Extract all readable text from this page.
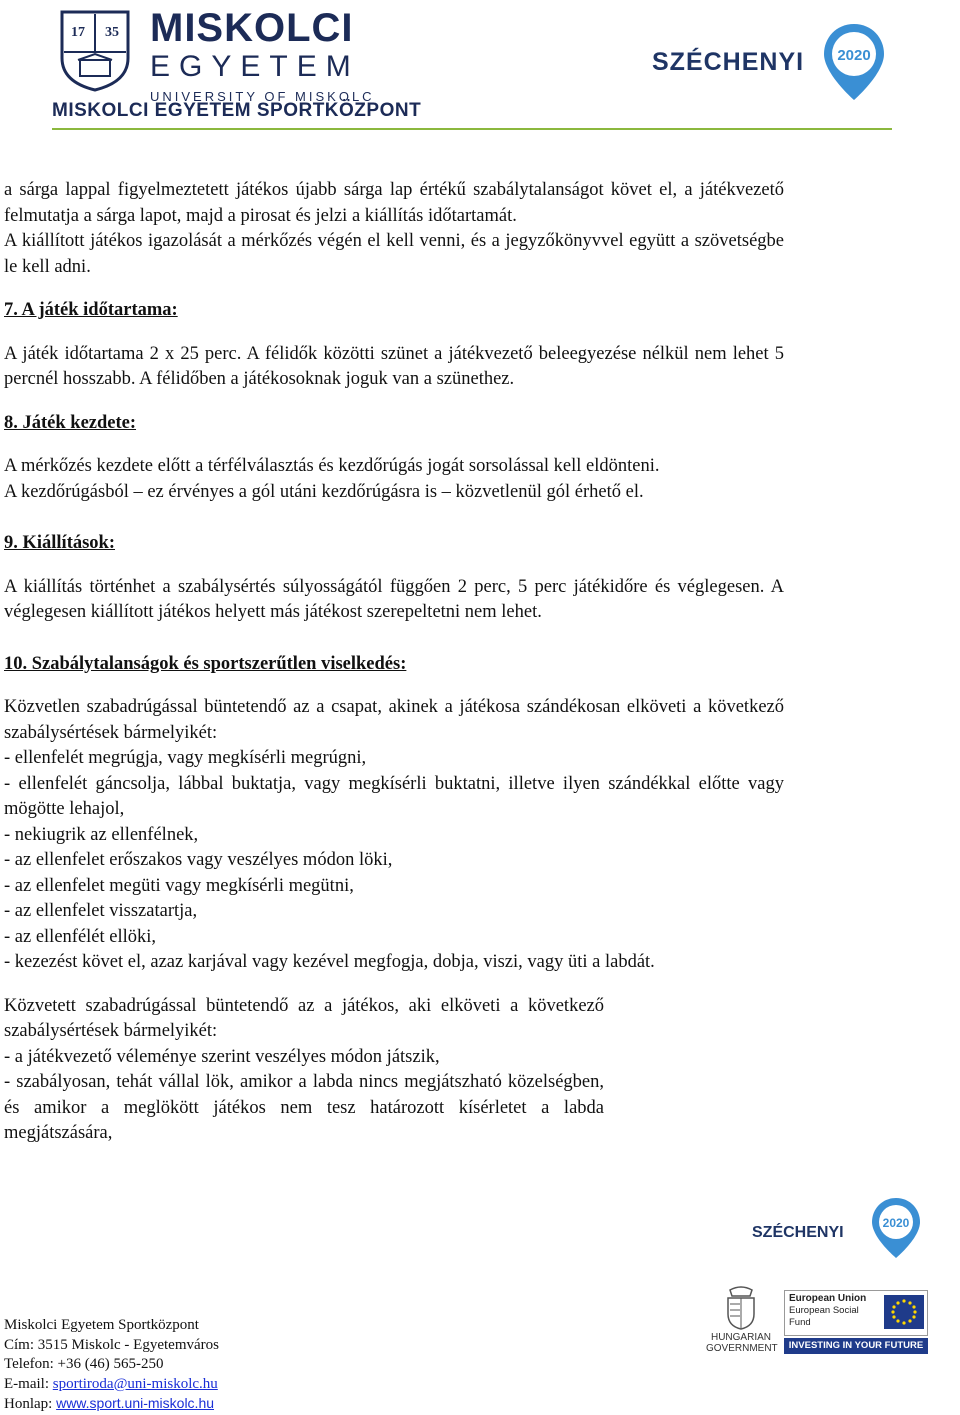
17 35 MISKOLCI
EGYETEM
UNIVERSITY OF MISKOLC
MISKOLCI EGYETEM SPORTKÖZPONT
SZÉCHENYI 2020

a sárga lappal figyelmeztetett játékos újabb sárga lap értékű szabálytalanságot követ el, a játékvezető felmutatja a sárga lapot, majd a pirosat és jelzi a kiállítás időtartamát.

A kiállított játékos igazolását a mérkőzés végén el kell venni, és a jegyzőkönyvvel együtt a szövetségbe le kell adni.

7. A játék időtartama:

A játék időtartama 2 x 25 perc. A félidők közötti szünet a játékvezető beleegyezése nélkül nem lehet 5 percnél hosszabb. A félidőben a játékosoknak joguk van a szünethez.

8. Játék kezdete:

A mérkőzés kezdete előtt a térfélválasztás és kezdőrúgás jogát sorsolással kell eldönteni.

A kezdőrúgásból – ez érvényes a gól utáni kezdőrúgásra is – közvetlenül gól érhető el.

9. Kiállítások:

A kiállítás történhet a szabálysértés súlyosságától függően 2 perc, 5 perc játékidőre és véglegesen. A véglegesen kiállított játékos helyett más játékost szerepeltetni nem lehet.

10. Szabálytalanságok és sportszerűtlen viselkedés:

Közvetlen szabadrúgással büntetendő az a csapat, akinek a játékosa szándékosan elköveti a következő szabálysértések bármelyikét:

- ellenfelét megrúgja, vagy megkísérli megrúgni,

- ellenfelét gáncsolja, lábbal buktatja, vagy megkísérli buktatni, illetve ilyen szándékkal előtte vagy mögötte lehajol,

- nekiugrik az ellenfélnek,

- az ellenfelet erőszakos vagy veszélyes módon löki,

- az ellenfelet megüti vagy megkísérli megütni,

- az ellenfelet visszatartja,

- az ellenfélét ellöki,

- kezezést követ el, azaz karjával vagy kezével megfogja, dobja, viszi, vagy üti a labdát.

Közvetett szabadrúgással büntetendő az a játékos, aki elköveti a következő szabálysértések bármelyikét:

- a játékvezető véleménye szerint veszélyes módon játszik,

- szabályosan, tehát vállal lök, amikor a labda nincs megjátszható közelségben, és amikor a meglökött játékos nem tesz határozott kísérletet a labda megjátszására,

Miskolci Egyetem Sportközpont
Cím: 3515 Miskolc - Egyetemváros
Telefon: +36 (46) 565-250
E-mail: sportiroda@uni-miskolc.hu
Honlap: www.sport.uni-miskolc.hu
SZÉCHENYI
2020
HUNGARIAN GOVERNMENT
European Union
European Social
Fund
INVESTING IN YOUR FUTURE
